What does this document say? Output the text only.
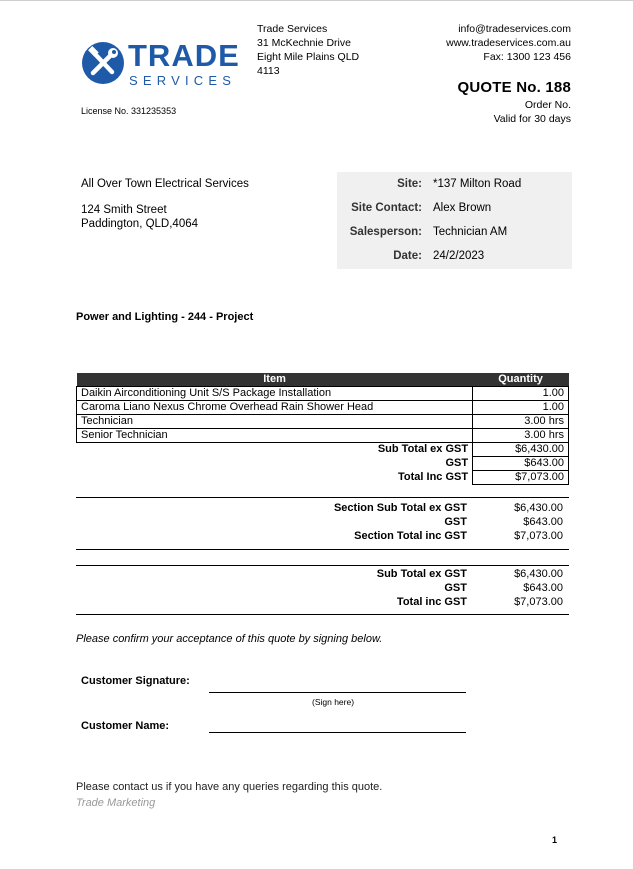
TRADE
SERVICES
Trade Services
31 McKechnie Drive
Eight Mile Plains QLD
4113
info@tradeservices.com
www.tradeservices.com.au
Fax: 1300 123 456
QUOTE No. 188
Order No.
Valid for 30 days
License No. 331235353
All Over Town Electrical Services
124 Smith Street
Paddington, QLD,4064
Site: *137 Milton Road
Site Contact: Alex Brown
Salesperson: Technician AM
Date: 24/2/2023
Power and Lighting - 244 - Project
Item	Quantity
Daikin Airconditioning Unit S/S Package Installation	1.00
Caroma Liano Nexus Chrome Overhead Rain Shower Head	1.00
Technician	3.00 hrs
Senior Technician	3.00 hrs
Sub Total ex GST	$6,430.00
GST	$643.00
Total Inc GST	$7,073.00
Section Sub Total ex GST	$6,430.00
GST	$643.00
Section Total inc GST	$7,073.00
Sub Total ex GST	$6,430.00
GST	$643.00
Total inc GST	$7,073.00
Please confirm your acceptance of this quote by signing below.
Customer Signature:
(Sign here)
Customer Name:
Please contact us if you have any queries regarding this quote.
Trade Marketing
1
